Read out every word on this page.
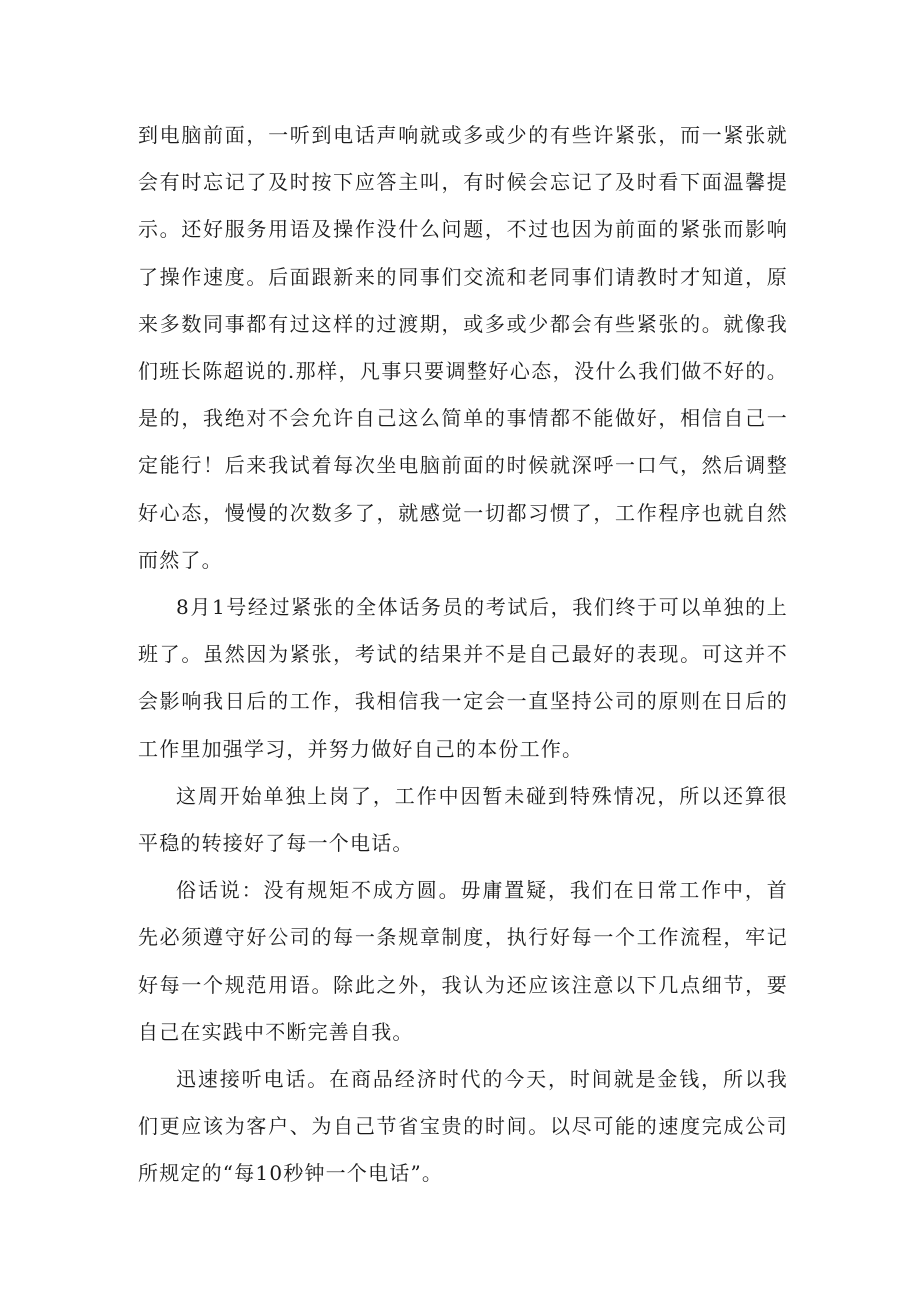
到电脑前面，一听到电话声响就或多或少的有些许紧张，而一紧张就会有时忘记了及时按下应答主叫，有时候会忘记了及时看下面温馨提示。还好服务用语及操作没什么问题，不过也因为前面的紧张而影响了操作速度。后面跟新来的同事们交流和老同事们请教时才知道，原来多数同事都有过这样的过渡期，或多或少都会有些紧张的。就像我们班长陈超说的.那样，凡事只要调整好心态，没什么我们做不好的。是的，我绝对不会允许自己这么简单的事情都不能做好，相信自己一定能行！后来我试着每次坐电脑前面的时候就深呼一口气，然后调整好心态，慢慢的次数多了，就感觉一切都习惯了，工作程序也就自然而然了。

8月1号经过紧张的全体话务员的考试后，我们终于可以单独的上班了。虽然因为紧张，考试的结果并不是自己最好的表现。可这并不会影响我日后的工作，我相信我一定会一直坚持公司的原则在日后的工作里加强学习，并努力做好自己的本份工作。

这周开始单独上岗了，工作中因暂未碰到特殊情况，所以还算很平稳的转接好了每一个电话。

俗话说：没有规矩不成方圆。毋庸置疑，我们在日常工作中，首先必须遵守好公司的每一条规章制度，执行好每一个工作流程，牢记好每一个规范用语。除此之外，我认为还应该注意以下几点细节，要自己在实践中不断完善自我。

迅速接听电话。在商品经济时代的今天，时间就是金钱，所以我们更应该为客户、为自己节省宝贵的时间。以尽可能的速度完成公司所规定的“每10秒钟一个电话”。
